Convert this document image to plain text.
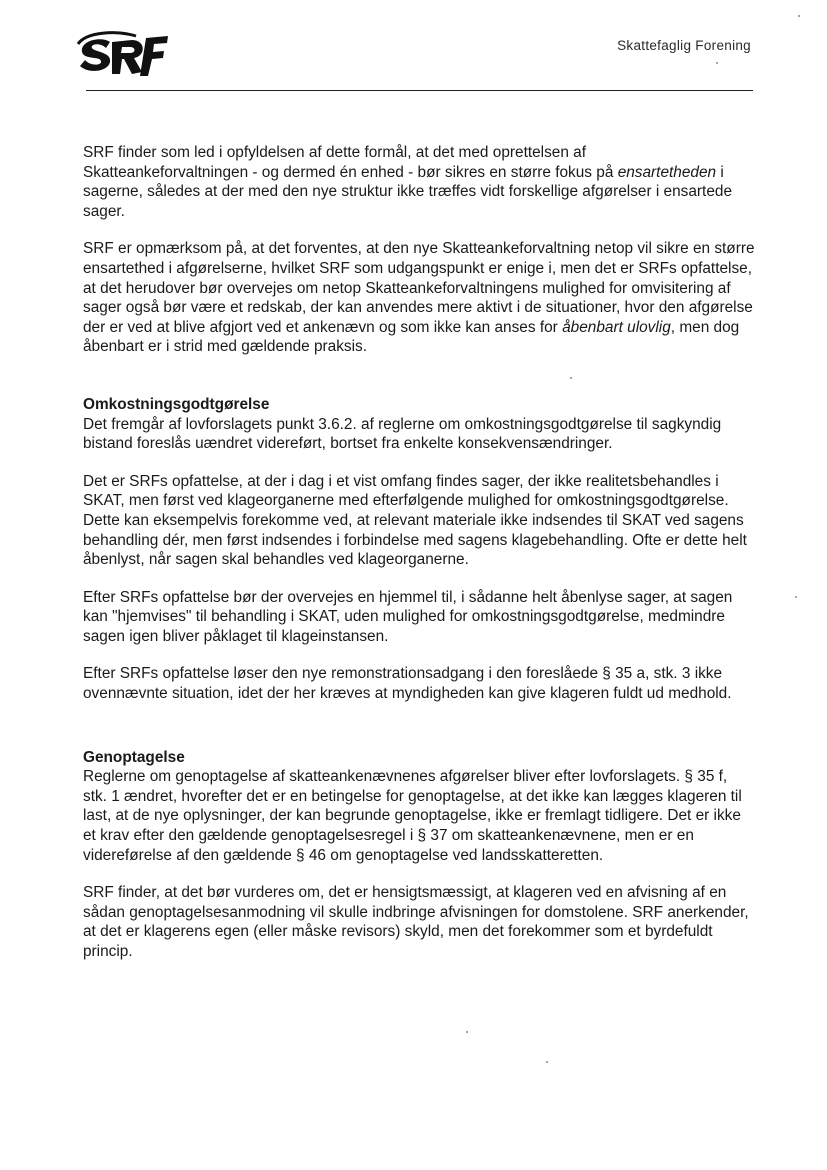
Skattefaglig Forening

SRF finder som led i opfyldelsen af dette formål, at det med oprettelsen af Skatteankeforvaltningen - og dermed én enhed - bør sikres en større fokus på ensartetheden i sagerne, således at der med den nye struktur ikke træffes vidt forskellige afgørelser i ensartede sager.

SRF er opmærksom på, at det forventes, at den nye Skatteankeforvaltning netop vil sikre en større ensartethed i afgørelserne, hvilket SRF som udgangspunkt er enige i, men det er SRFs opfattelse, at det herudover bør overvejes om netop Skatteankeforvaltningens mulighed for omvisitering af sager også bør være et redskab, der kan anvendes mere aktivt i de situationer, hvor den afgørelse der er ved at blive afgjort ved et ankenævn og som ikke kan anses for åbenbart ulovlig, men dog åbenbart er i strid med gældende praksis.

Omkostningsgodtgørelse

Det fremgår af lovforslagets punkt 3.6.2. af reglerne om omkostningsgodtgørelse til sagkyndig bistand foreslås uændret videreført, bortset fra enkelte konsekvensændringer.

Det er SRFs opfattelse, at der i dag i et vist omfang findes sager, der ikke realitetsbehandles i SKAT, men først ved klageorganerne med efterfølgende mulighed for omkostningsgodtgørelse. Dette kan eksempelvis forekomme ved, at relevant materiale ikke indsendes til SKAT ved sagens behandling dér, men først indsendes i forbindelse med sagens klagebehandling. Ofte er dette helt åbenlyst, når sagen skal behandles ved klageorganerne.

Efter SRFs opfattelse bør der overvejes en hjemmel til, i sådanne helt åbenlyse sager, at sagen kan "hjemvises" til behandling i SKAT, uden mulighed for omkostningsgodtgørelse, medmindre sagen igen bliver påklaget til klageinstansen.

Efter SRFs opfattelse løser den nye remonstrationsadgang i den foreslåede § 35 a, stk. 3 ikke ovennævnte situation, idet der her kræves at myndigheden kan give klageren fuldt ud medhold.

Genoptagelse

Reglerne om genoptagelse af skatteankenævnenes afgørelser bliver efter lovforslagets. § 35 f, stk. 1 ændret, hvorefter det er en betingelse for genoptagelse, at det ikke kan lægges klageren til last, at de nye oplysninger, der kan begrunde genoptagelse, ikke er fremlagt tidligere. Det er ikke et krav efter den gældende genoptagelsesregel i § 37 om skatteankenævnene, men er en videreførelse af den gældende § 46 om genoptagelse ved landsskatteretten.

SRF finder, at det bør vurderes om, det er hensigtsmæssigt, at klageren ved en afvisning af en sådan genoptagelsesanmodning vil skulle indbringe afvisningen for domstolene. SRF anerkender, at det er klagerens egen (eller måske revisors) skyld, men det forekommer som et byrdefuldt princip.
